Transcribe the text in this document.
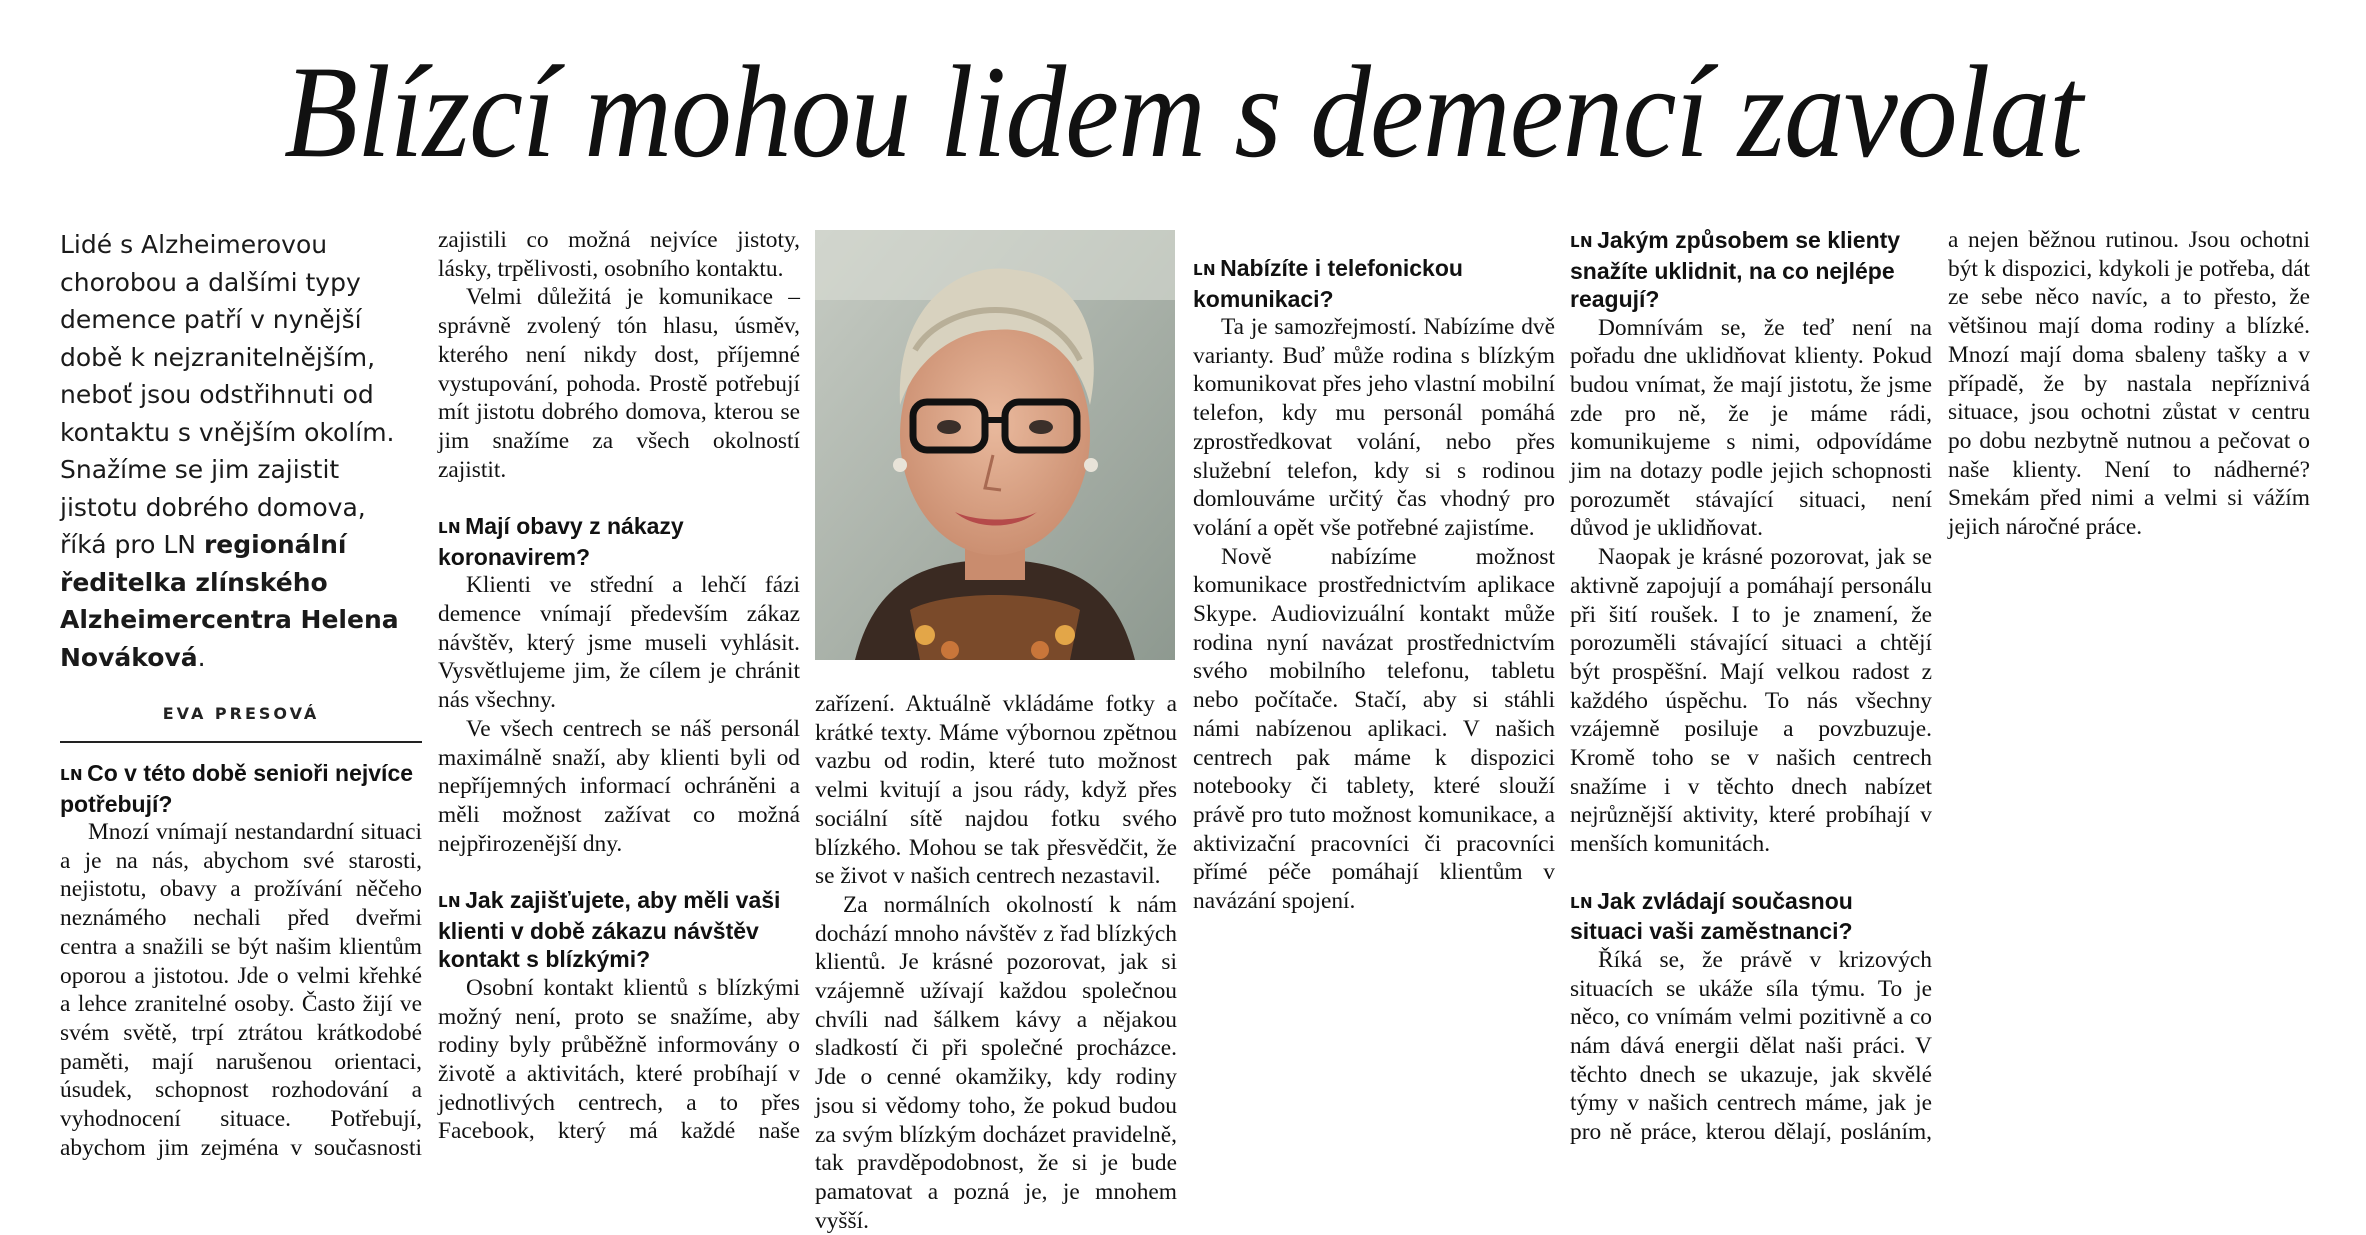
Blízcí mohou lidem s demencí zavolat
Lidé s Alzheimerovou chorobou a dalšími typy demence patří v nynější době k nejzranitelnějším, neboť jsou odstřihnuti od kontaktu s vnějším okolím. Snažíme se jim zajistit jistotu dobrého domova, říká pro LN regionální ředitelka zlínského Alzheimercentra Helena Nováková.
EVA PRESOVÁ
LN Co v této době senioři nejvíce potřebují?

Mnozí vnímají nestandardní situaci a je na nás, abychom své starosti, nejistotu, obavy a prožívání něčeho neznámého nechali před dveřmi centra a snažili se být našim klientům oporou a jistotou. Jde o velmi křehké a lehce zranitelné osoby. Často žijí ve svém světě, trpí ztrátou krátkodobé paměti, mají narušenou orientaci, úsudek, schopnost rozhodování a vyhodnocení situace. Potřebují, abychom jim zejména v současnosti

zajistili co možná nejvíce jistoty, lásky, trpělivosti, osobního kontaktu.

Velmi důležitá je komunikace – správně zvolený tón hlasu, úsměv, kterého není nikdy dost, příjemné vystupování, pohoda. Prostě potřebují mít jistotu dobrého domova, kterou se jim snažíme za všech okolností zajistit.

LN Mají obavy z nákazy koronavirem?

Klienti ve střední a lehčí fázi demence vnímají především zákaz návštěv, který jsme museli vyhlásit. Vysvětlujeme jim, že cílem je chránit nás všechny.

Ve všech centrech se náš personál maximálně snaží, aby klienti byli od nepříjemných informací ochráněni a měli možnost zažívat co možná nejpřirozenější dny.

LN Jak zajišťujete, aby měli vaši klienti v době zákazu návštěv kontakt s blízkými?

Osobní kontakt klientů s blízkými možný není, proto se snažíme, aby rodiny byly průběžně informovány o životě a aktivitách, které probíhají v jednotlivých centrech, a to přes Facebook, který má každé naše

zařízení. Aktuálně vkládáme fotky a krátké texty. Máme výbornou zpětnou vazbu od rodin, které tuto možnost velmi kvitují a jsou rády, když přes sociální sítě najdou fotku svého blízkého. Mohou se tak přesvědčit, že se život v našich centrech nezastavil.

Za normálních okolností k nám dochází mnoho návštěv z řad blízkých klientů. Je krásné pozorovat, jak si vzájemně užívají každou společnou chvíli nad šálkem kávy a nějakou sladkostí či při společné procházce. Jde o cenné okamžiky, kdy rodiny jsou si vědomy toho, že pokud budou za svým blízkým docházet pravidelně, tak pravděpodobnost, že si je bude pamatovat a pozná je, je mnohem vyšší.

LN Nabízíte i telefonickou komunikaci?

Ta je samozřejmostí. Nabízíme dvě varianty. Buď může rodina s blízkým komunikovat přes jeho vlastní mobilní telefon, kdy mu personál pomáhá zprostředkovat volání, nebo přes služební telefon, kdy si s rodinou domlouváme určitý čas vhodný pro volání a opět vše potřebné zajistíme.

Nově nabízíme možnost komunikace prostřednictvím aplikace Skype. Audiovizuální kontakt může rodina nyní navázat prostřednictvím svého mobilního telefonu, tabletu nebo počítače. Stačí, aby si stáhli námi nabízenou aplikaci. V našich centrech pak máme k dispozici notebooky či tablety, které slouží právě pro tuto možnost komunikace, a aktivizační pracovníci či pracovníci přímé péče pomáhají klientům v navázání spojení.

LN Jakým způsobem se klienty snažíte uklidnit, na co nejlépe reagují?

Domnívám se, že teď není na pořadu dne uklidňovat klienty. Pokud budou vnímat, že mají jistotu, že jsme zde pro ně, že je máme rádi, komunikujeme s nimi, odpovídáme jim na dotazy podle jejich schopnosti porozumět stávající situaci, není důvod je uklidňovat.

Naopak je krásné pozorovat, jak se aktivně zapojují a pomáhají personálu při šití roušek. I to je znamení, že porozuměli stávající situaci a chtějí být prospěšní. Mají velkou radost z každého úspěchu. To nás všechny vzájemně posiluje a povzbuzuje. Kromě toho se v našich centrech snažíme i v těchto dnech nabízet nejrůznější aktivity, které probíhají v menších komunitách.

LN Jak zvládají současnou situaci vaši zaměstnanci?

Říká se, že právě v krizových situacích se ukáže síla týmu. To je něco, co vnímám velmi pozitivně a co nám dává energii dělat naši práci. V těchto dnech se ukazuje, jak skvělé týmy v našich centrech máme, jak je pro ně práce, kterou dělají, posláním,

a nejen běžnou rutinou. Jsou ochotni být k dispozici, kdykoli je potřeba, dát ze sebe něco navíc, a to přesto, že většinou mají doma rodiny a blízké. Mnozí mají doma sbaleny tašky a v případě, že by nastala nepříznivá situace, jsou ochotni zůstat v centru po dobu nezbytně nutnou a pečovat o naše klienty. Není to nádherné? Smekám před nimi a velmi si vážím jejich náročné práce.
